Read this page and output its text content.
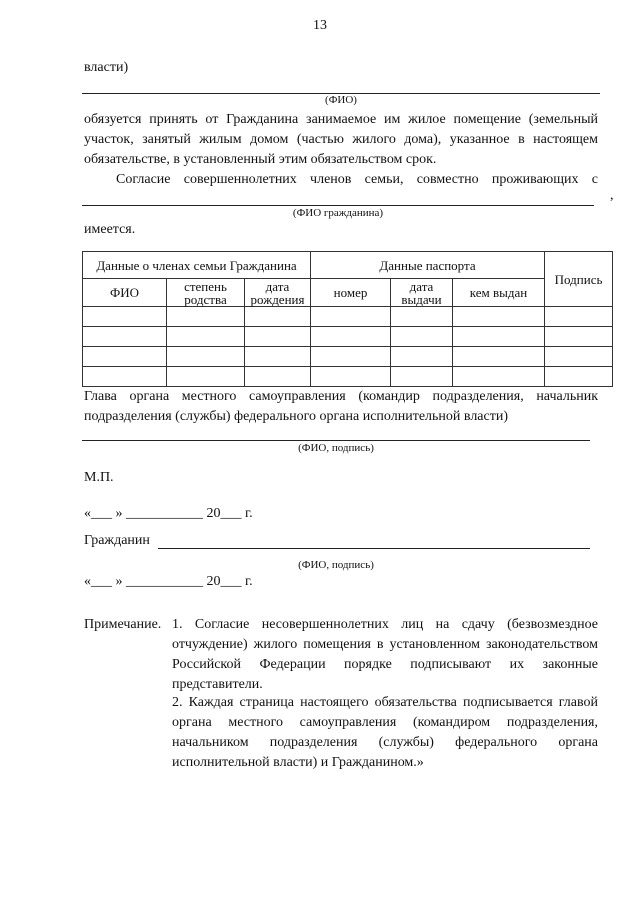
13
власти)
(ФИО)
обязуется принять от Гражданина занимаемое им жилое помещение (земельный участок, занятый жилым домом (частью жилого дома), указанное в настоящем обязательстве, в установленный этим обязательством срок.
Согласие совершеннолетних членов семьи, совместно проживающих с
,
(ФИО гражданина)
имеется.
Данные о членах семьи Гражданина			Данные паспорта			Подпись
ФИО	степень родства	дата рождения	номер	дата выдачи	кем выдан	

Глава органа местного самоуправления (командир подразделения, начальник подразделения (службы) федерального органа исполнительной власти)
(ФИО, подпись)
М.П.
«___ » ___________ 20___ г.
Гражданин
(ФИО, подпись)
«___ » ___________ 20___ г.
Примечание. 1. Согласие несовершеннолетних лиц на сдачу (безвозмездное отчуждение) жилого помещения в установленном законодательством Российской Федерации порядке подписывают их законные представители.
2. Каждая страница настоящего обязательства подписывается главой органа местного самоуправления (командиром подразделения, начальником подразделения (службы) федерального органа исполнительной власти) и Гражданином.»
